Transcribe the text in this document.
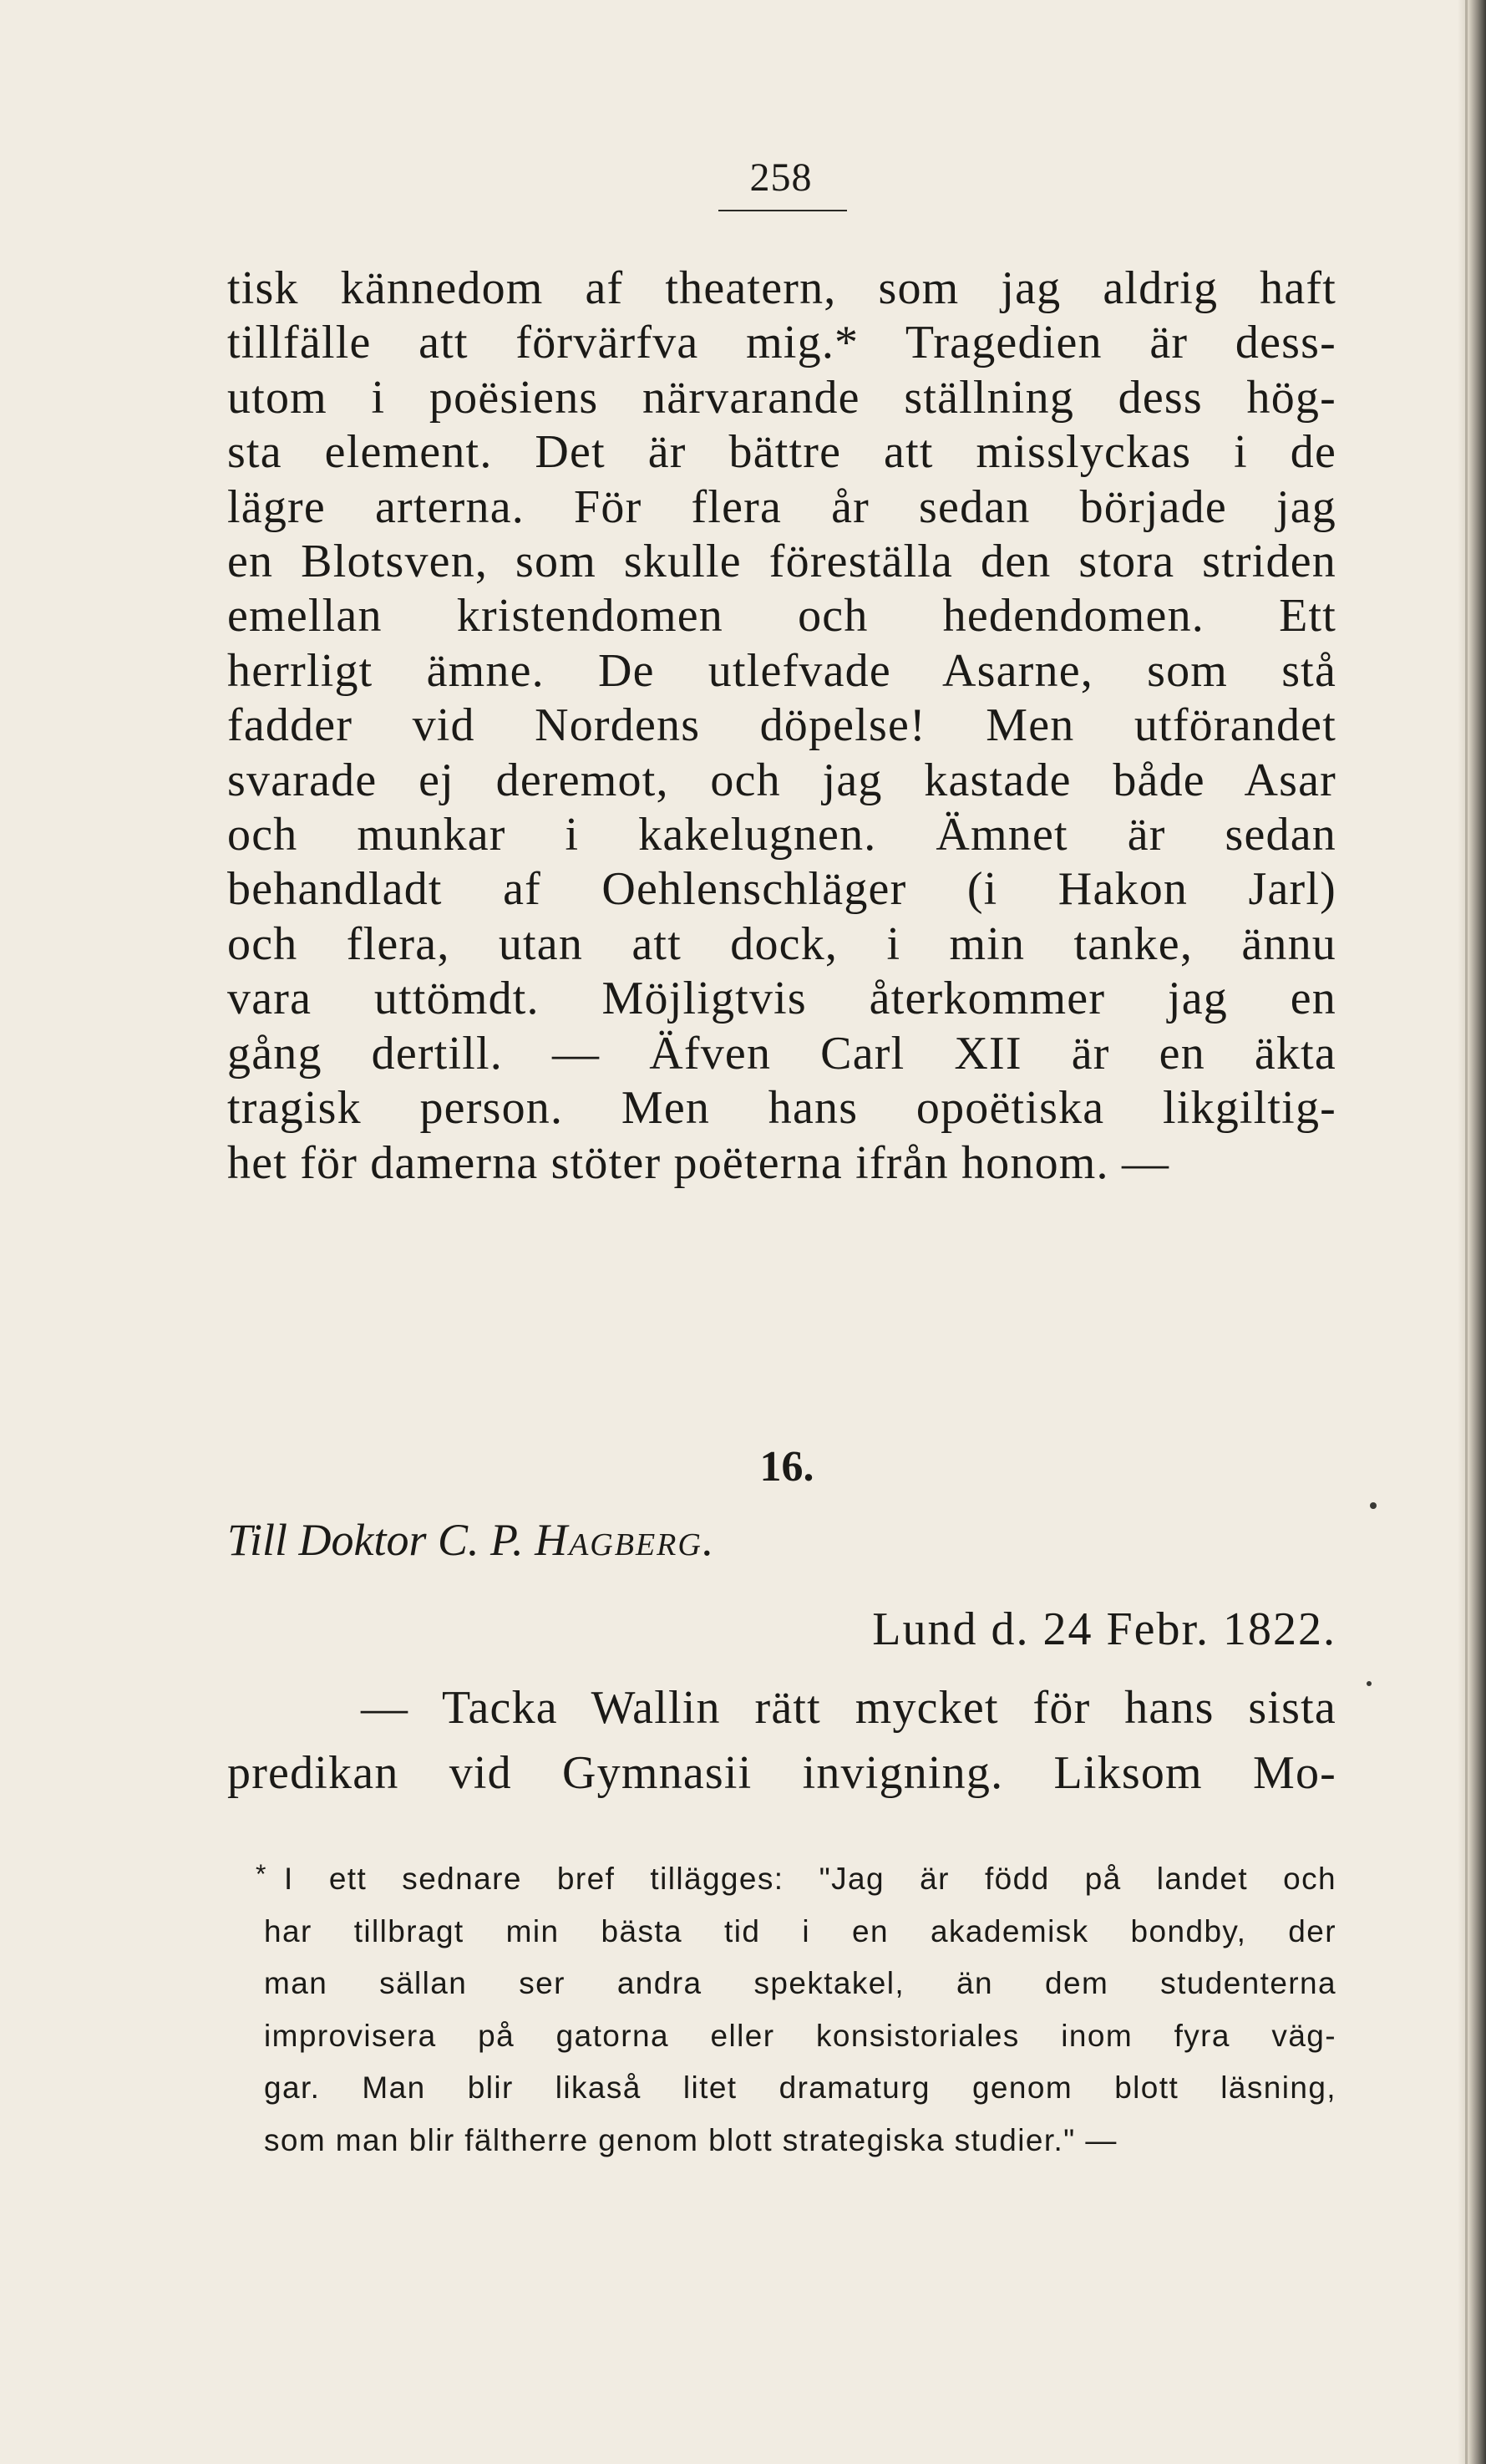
258
tisk kännedom af theatern, som jag aldrig haft
tillfälle att förvärfva mig.* Tragedien är dess-
utom i poësiens närvarande ställning dess hög-
sta element. Det är bättre att misslyckas i de
lägre arterna. För flera år sedan började jag
en Blotsven, som skulle föreställa den stora striden
emellan kristendomen och hedendomen. Ett
herrligt ämne. De utlefvade Asarne, som stå
fadder vid Nordens döpelse! Men utförandet
svarade ej deremot, och jag kastade både Asar
och munkar i kakelugnen. Ämnet är sedan
behandladt af Oehlenschläger (i Hakon Jarl)
och flera, utan att dock, i min tanke, ännu
vara uttömdt. Möjligtvis återkommer jag en
gång dertill. — Äfven Carl XII är en äkta
tragisk person. Men hans opoëtiska likgiltig-
het för damerna stöter poëterna ifrån honom. —
16.
Till Doktor C. P. Hagberg.
Lund d. 24 Febr. 1822.
— Tacka Wallin rätt mycket för hans sista
predikan vid Gymnasii invigning. Liksom Mo-
* I ett sednare bref tillägges: "Jag är född på landet och
har tillbragt min bästa tid i en akademisk bondby, der
man sällan ser andra spektakel, än dem studenterna
improvisera på gatorna eller konsistoriales inom fyra väg-
gar. Man blir likaså litet dramaturg genom blott läsning,
som man blir fältherre genom blott strategiska studier." —
